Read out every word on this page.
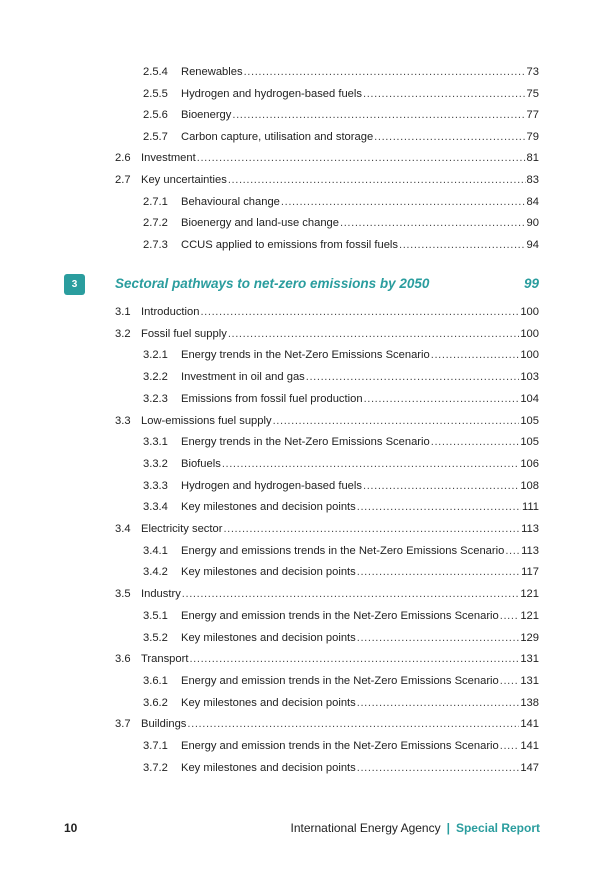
2.5.4 Renewables .....	73
2.5.5 Hydrogen and hydrogen-based fuels .....	75
2.5.6 Bioenergy .....	77
2.5.7 Carbon capture, utilisation and storage .....	79
2.6 Investment .....	81
2.7 Key uncertainties .....	83
2.7.1 Behavioural change .....	84
2.7.2 Bioenergy and land-use change .....	90
2.7.3 CCUS applied to emissions from fossil fuels .....	94
3	Sectoral pathways to net-zero emissions by 2050	99
3.1 Introduction .....	100
3.2 Fossil fuel supply .....	100
3.2.1 Energy trends in the Net-Zero Emissions Scenario .....	100
3.2.2 Investment in oil and gas .....	103
3.2.3 Emissions from fossil fuel production .....	104
3.3 Low-emissions fuel supply .....	105
3.3.1 Energy trends in the Net-Zero Emissions Scenario .....	105
3.3.2 Biofuels .....	106
3.3.3 Hydrogen and hydrogen-based fuels .....	108
3.3.4 Key milestones and decision points .....	111
3.4 Electricity sector .....	113
3.4.1 Energy and emissions trends in the Net-Zero Emissions Scenario ..... 113
3.4.2 Key milestones and decision points .....	117
3.5 Industry .....	121
3.5.1 Energy and emission trends in the Net-Zero Emissions Scenario ..... 121
3.5.2 Key milestones and decision points .....	129
3.6 Transport .....	131
3.6.1 Energy and emission trends in the Net-Zero Emissions Scenario ..... 131
3.6.2 Key milestones and decision points .....	138
3.7 Buildings .....	141
3.7.1 Energy and emission trends in the Net-Zero Emissions Scenario ..... 141
3.7.2 Key milestones and decision points .....	147
10	International Energy Agency | Special Report
